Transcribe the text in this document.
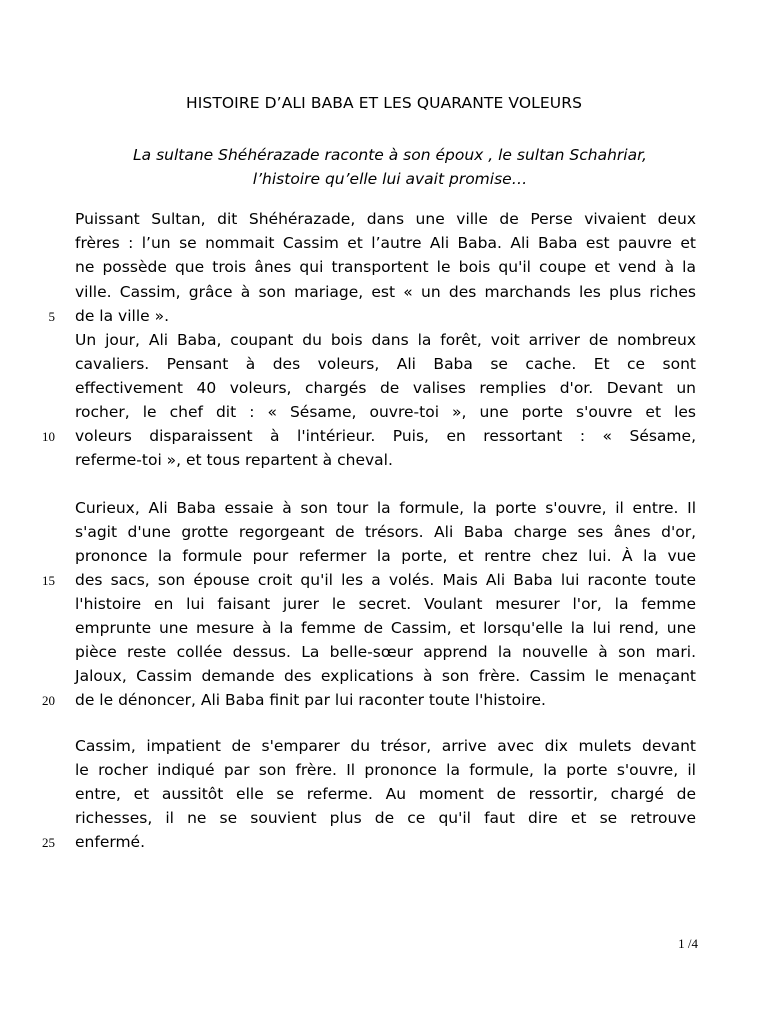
HISTOIRE D’ALI BABA ET LES QUARANTE VOLEURS
La sultane Shéhérazade raconte à son époux , le sultan Schahriar,
l’histoire qu’elle lui avait promise…
Puissant Sultan, dit Shéhérazade, dans une ville de Perse vivaient deux
frères : l’un se nommait Cassim et l’autre Ali Baba. Ali Baba est pauvre et
ne possède que trois ânes qui transportent le bois qu'il coupe et vend à la
ville. Cassim, grâce à son mariage, est « un des marchands les plus riches
de la ville ».
Un jour, Ali Baba, coupant du bois dans la forêt, voit arriver de nombreux
cavaliers. Pensant à des voleurs, Ali Baba se cache. Et ce sont
effectivement 40 voleurs, chargés de valises remplies d'or. Devant un
rocher, le chef dit : « Sésame, ouvre-toi », une porte s'ouvre et les
voleurs disparaissent à l'intérieur. Puis, en ressortant : « Sésame,
referme-toi », et tous repartent à cheval.
Curieux, Ali Baba essaie à son tour la formule, la porte s'ouvre, il entre. Il
s'agit d'une grotte regorgeant de trésors. Ali Baba charge ses ânes d'or,
prononce la formule pour refermer la porte, et rentre chez lui. À la vue
des sacs, son épouse croit qu'il les a volés. Mais Ali Baba lui raconte toute
l'histoire en lui faisant jurer le secret. Voulant mesurer l'or, la femme
emprunte une mesure à la femme de Cassim, et lorsqu'elle la lui rend, une
pièce reste collée dessus. La belle-sœur apprend la nouvelle à son mari.
Jaloux, Cassim demande des explications à son frère. Cassim le menaçant
de le dénoncer, Ali Baba finit par lui raconter toute l'histoire.
Cassim, impatient de s'emparer du trésor, arrive avec dix mulets devant
le rocher indiqué par son frère. Il prononce la formule, la porte s'ouvre, il
entre, et aussitôt elle se referme. Au moment de ressortir, chargé de
richesses, il ne se souvient plus de ce qu'il faut dire et se retrouve
enfermé.
5
10
15
20
25
1 /4
